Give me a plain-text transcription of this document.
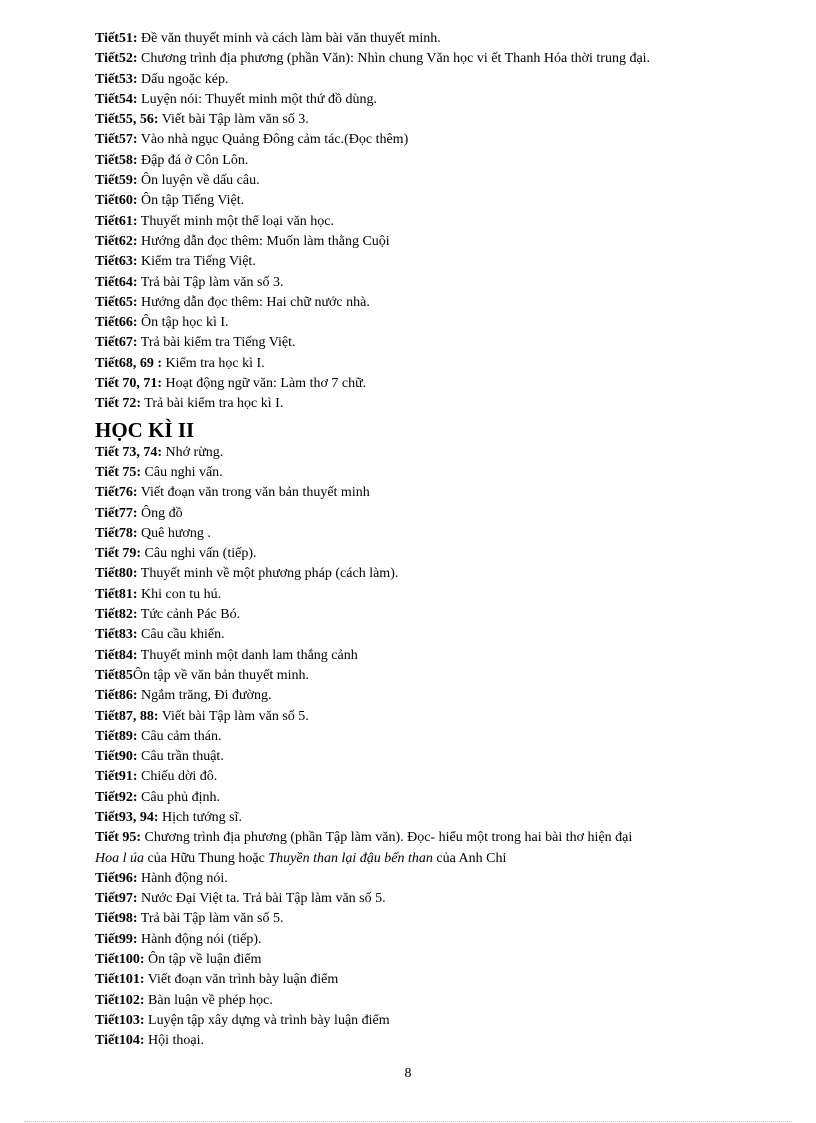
Tiết51: Đề văn thuyết minh và cách làm bài văn thuyết minh.
Tiết52: Chương trình địa phương (phần Văn): Nhìn chung Văn học vi ết Thanh Hóa thời trung đại.
Tiết53: Dấu ngoặc kép.
Tiết54: Luyện nói: Thuyết minh một thứ đồ dùng.
Tiết55, 56: Viết bài Tập làm văn số 3.
Tiết57: Vào nhà ngục Quảng Đông cảm tác.(Đọc thêm)
Tiết58: Đập đá ở Côn Lôn.
Tiết59: Ôn luyện về dấu câu.
Tiết60: Ôn tập Tiếng Việt.
Tiết61: Thuyết minh một thể loại văn học.
Tiết62: Hướng dẫn đọc thêm: Muốn làm thằng Cuội
Tiết63: Kiểm tra Tiếng Việt.
Tiết64: Trả bài Tập làm văn số 3.
Tiết65: Hướng dẫn đọc thêm: Hai chữ nước nhà.
Tiết66: Ôn tập học kì I.
Tiết67: Trả bài kiểm tra Tiếng Việt.
Tiết68, 69 : Kiểm tra học kì I.
Tiết 70, 71: Hoạt động ngữ văn: Làm thơ 7 chữ.
Tiết 72: Trả bài kiểm tra học kì I.
HỌC KÌ II
Tiết 73, 74: Nhớ rừng.
Tiết 75: Câu nghi vấn.
Tiết76: Viết đoạn văn trong văn bản thuyết minh
Tiết77: Ông đồ
Tiết78: Quê hương .
Tiết 79: Câu nghi vấn (tiếp).
Tiết80: Thuyết minh về một phương pháp (cách làm).
Tiết81: Khi con tu hú.
Tiết82: Tức cảnh Pác Bó.
Tiết83: Câu cầu khiến.
Tiết84: Thuyết minh một danh lam thắng cảnh
Tiết85Ôn tập về văn bản thuyết minh.
Tiết86: Ngắm trăng, Đi đường.
Tiết87, 88: Viết bài Tập làm văn số 5.
Tiết89: Câu cảm thán.
Tiết90: Câu trần thuật.
Tiết91: Chiếu dời đô.
Tiết92: Câu phủ định.
Tiết93, 94: Hịch tướng sĩ.
Tiết 95: Chương trình địa phương (phần Tập làm văn). Đọc- hiểu một trong hai bài thơ hiện đại
Hoa l úa của Hữu Thung hoặc Thuyền than lại đậu bến than của Anh Chi
Tiết96: Hành động nói.
Tiết97: Nước Đại Việt ta. Trả bài Tập làm văn số 5.
Tiết98: Trả bài Tập làm văn số 5.
Tiết99: Hành động nói (tiếp).
Tiết100: Ôn tập về luận điểm
Tiết101: Viết đoạn văn trình bày luận điểm
Tiết102: Bàn luận về phép học.
Tiết103: Luyện tập xây dựng và trình bày luận điểm
Tiết104: Hội thoại.
8
